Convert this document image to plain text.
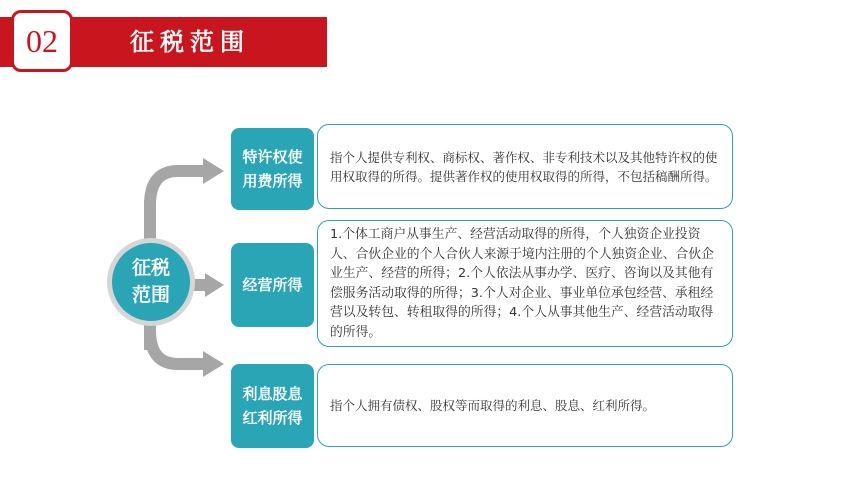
02	征税范围
征税范围
特许权使用费所得
指个人提供专利权、商标权、著作权、非专利技术以及其他特许权的使用权取得的所得。提供著作权的使用权取得的所得，不包括稿酬所得。
经营所得
1.个体工商户从事生产、经营活动取得的所得，个人独资企业投资人、合伙企业的个人合伙人来源于境内注册的个人独资企业、合伙企业生产、经营的所得；2.个人依法从事办学、医疗、咨询以及其他有偿服务活动取得的所得；3.个人对企业、事业单位承包经营、承租经营以及转包、转租取得的所得；4.个人从事其他生产、经营活动取得的所得。
利息股息红利所得
指个人拥有债权、股权等而取得的利息、股息、红利所得。
